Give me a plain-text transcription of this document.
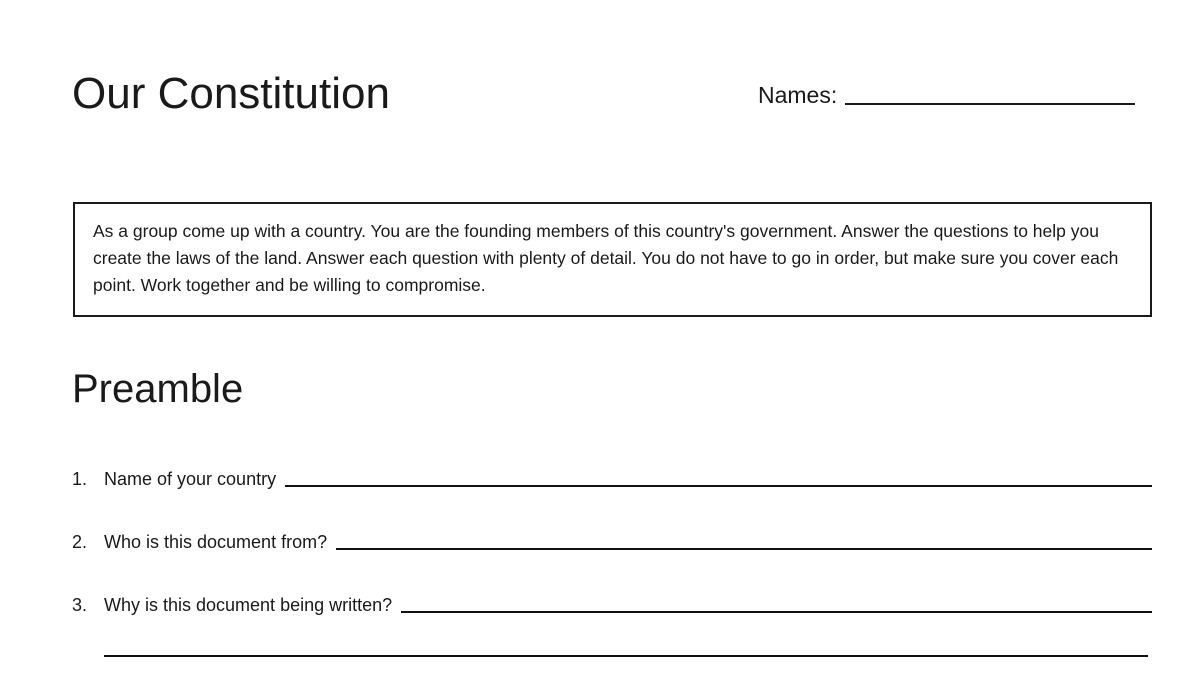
Our Constitution	Names:

As a group come up with a country. You are the founding members of this country's government. Answer the questions to help you create the laws of the land. Answer each question with plenty of detail. You do not have to go in order, but make sure you cover each point. Work together and be willing to compromise.

Preamble
1. Name of your country
2. Who is this document from?
3. Why is this document being written?
